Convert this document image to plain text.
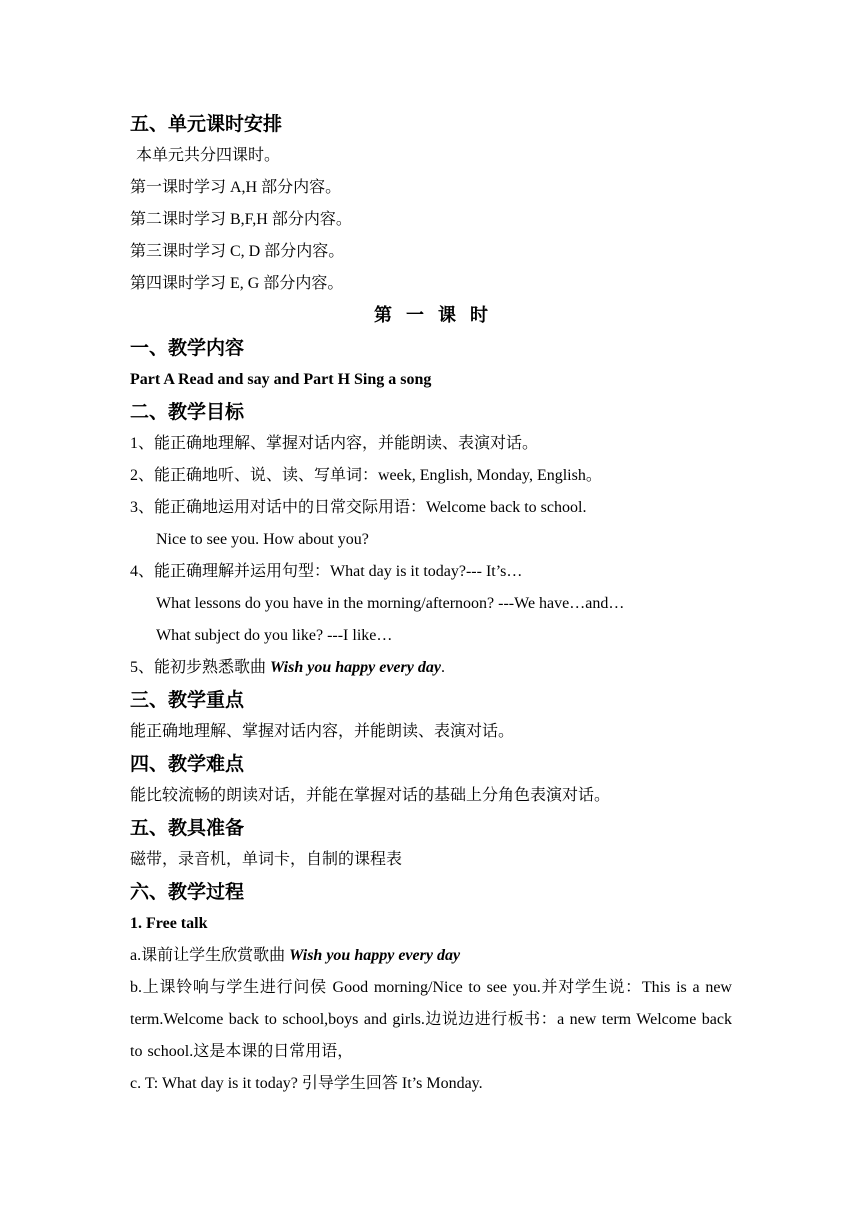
五、单元课时安排
本单元共分四课时。
第一课时学习 A,H 部分内容。
第二课时学习 B,F,H 部分内容。
第三课时学习 C, D 部分内容。
第四课时学习 E, G 部分内容。
第一课时
一、教学内容
Part A Read and say and Part H Sing a song
二、教学目标
1、能正确地理解、掌握对话内容，并能朗读、表演对话。
2、能正确地听、说、读、写单词：week, English, Monday, English。
3、能正确地运用对话中的日常交际用语：Welcome back to school.
Nice to see you. How about you?
4、能正确理解并运用句型：What day is it today?--- It’s…
What lessons do you have in the morning/afternoon? ---We have…and…
What subject do you like? ---I like…
5、能初步熟悉歌曲 Wish you happy every day.
三、教学重点
能正确地理解、掌握对话内容，并能朗读、表演对话。
四、教学难点
能比较流畅的朗读对话，并能在掌握对话的基础上分角色表演对话。
五、教具准备
磁带，录音机，单词卡，自制的课程表
六、教学过程
1. Free talk
a.课前让学生欣赏歌曲 Wish you happy every day
b.上课铃响与学生进行问侯 Good morning/Nice to see you.并对学生说：This is a new term.Welcome back to school,boys and girls.边说边进行板书：a new term Welcome back to school.这是本课的日常用语，
c. T: What day is it today? 引导学生回答 It’s Monday.
